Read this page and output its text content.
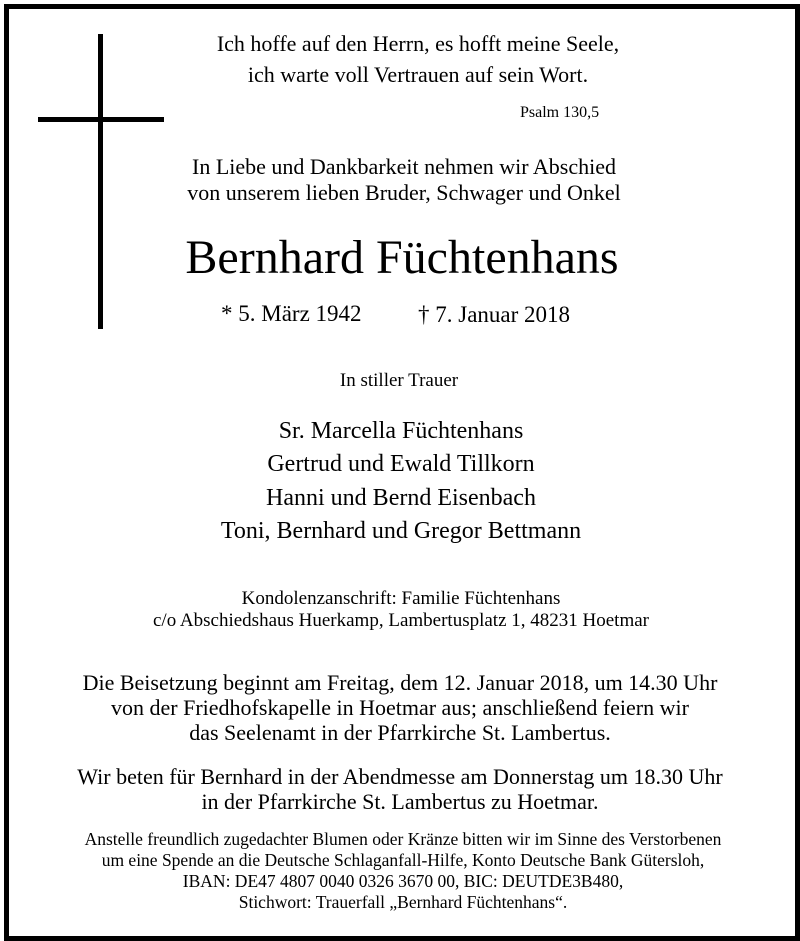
Ich hoffe auf den Herrn, es hofft meine Seele,
ich warte voll Vertrauen auf sein Wort.
Psalm 130,5
In Liebe und Dankbarkeit nehmen wir Abschied
von unserem lieben Bruder, Schwager und Onkel
Bernhard Füchtenhans
* 5. März 1942 † 7. Januar 2018
In stiller Trauer
Sr. Marcella Füchtenhans
Gertrud und Ewald Tillkorn
Hanni und Bernd Eisenbach
Toni, Bernhard und Gregor Bettmann
Kondolenzanschrift: Familie Füchtenhans
c/o Abschiedshaus Huerkamp, Lambertusplatz 1, 48231 Hoetmar
Die Beisetzung beginnt am Freitag, dem 12. Januar 2018, um 14.30 Uhr
von der Friedhofskapelle in Hoetmar aus; anschließend feiern wir
das Seelenamt in der Pfarrkirche St. Lambertus.
Wir beten für Bernhard in der Abendmesse am Donnerstag um 18.30 Uhr
in der Pfarrkirche St. Lambertus zu Hoetmar.
Anstelle freundlich zugedachter Blumen oder Kränze bitten wir im Sinne des Verstorbenen
um eine Spende an die Deutsche Schlaganfall-Hilfe, Konto Deutsche Bank Gütersloh,
IBAN: DE47 4807 0040 0326 3670 00, BIC: DEUTDE3B480,
Stichwort: Trauerfall „Bernhard Füchtenhans“.
